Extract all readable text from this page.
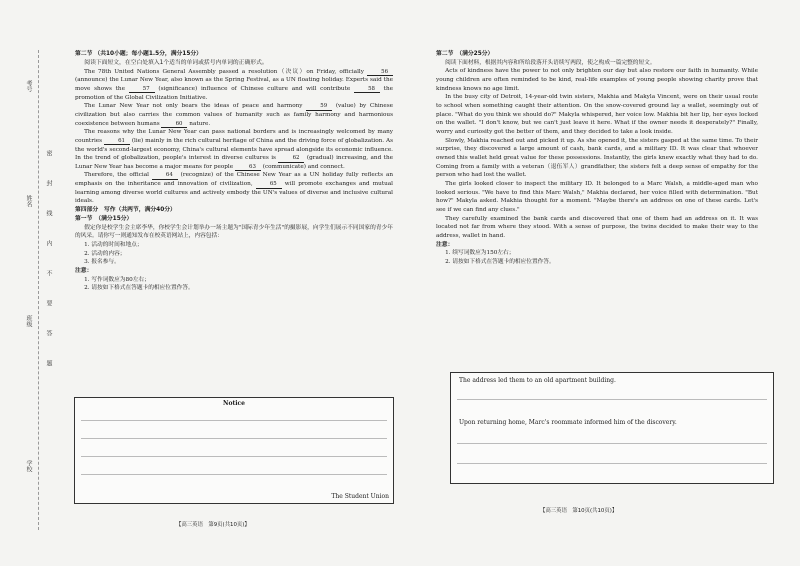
考号
姓名
班级
学校
密
封
线
内
不
要
答
题

第二节 （共10小题；每小题1.5分，满分15分）

阅读下面短文，在空白处填入1个适当的单词或括号内单词的正确形式。

The 78th United Nations General Assembly passed a resolution（决议）on Friday, officially	56 (announce) the Lunar New Year, also known as the Spring Festival, as a UN floating holiday. Experts said the move shows the	57 (significance) influence of Chinese culture and will contribute	58 the promotion of the Global Civilization Initiative.

The Lunar New Year not only bears the ideas of peace and harmony	59 (value) by Chinese civilization but also carries the common values of humanity such as family harmony and harmonious coexistence between humans	60 nature.

The reasons why the Lunar New Year can pass national borders and is increasingly welcomed by many countries	61 (lie) mainly in the rich cultural heritage of China and the driving force of globalization. As the world's second-largest economy, China's cultural elements have spread alongside its economic influence. In the trend of globalization, people's interest in diverse cultures is	62 (gradual) increasing, and the Lunar New Year has become a major means for people	63 (communicate) and connect.

Therefore, the official	64 (recognize) of the Chinese New Year as a UN holiday fully reflects an emphasis on the inheritance and innovation of civilization,	65 will promote exchanges and mutual learning among diverse world cultures and actively embody the UN's values of diverse and inclusive cultural ideals.

第四部分　写作（共两节，满分40分）

第一节　（满分15分）

假定你是校学生会主席李华，你校学生会计划举办一场主题为"国际青少年生活"的摄影展，向学生们展示不同国家的青少年的风采。请你写一则通知发布在校英语网站上，内容包括：

1. 活动的时间和地点；

2. 活动的内容；

3. 报名参与。

注意：

1. 写作词数应为80左右；

2. 请按如下格式在答题卡的相应位置作答。

Notice
The Student Union
【高三英语　第9页(共10页)】

第二节　（满分25分）

阅读下面材料，根据其内容和所给段落开头语续写两段，使之构成一篇完整的短文。

Acts of kindness have the power to not only brighten our day but also restore our faith in humanity. While young children are often reminded to be kind, real-life examples of young people showing charity prove that kindness knows no age limit.

In the busy city of Detroit, 14-year-old twin sisters, Makhia and Makyla Vincent, were on their usual route to school when something caught their attention. On the snow-covered ground lay a wallet, seemingly out of place. "What do you think we should do?" Makyla whispered, her voice low. Makhia bit her lip, her eyes locked on the wallet. "I don't know, but we can't just leave it here. What if the owner needs it desperately?" Finally, worry and curiosity got the better of them, and they decided to take a look inside.

Slowly, Makhia reached out and picked it up. As she opened it, the sisters gasped at the same time. To their surprise, they discovered a large amount of cash, bank cards, and a military ID. It was clear that whoever owned this wallet held great value for these possessions. Instantly, the girls knew exactly what they had to do. Coming from a family with a veteran（退伍军人）grandfather, the sisters felt a deep sense of empathy for the person who had lost the wallet.

The girls looked closer to inspect the military ID. It belonged to a Marc Walsh, a middle-aged man who looked serious. "We have to find this Marc Walsh," Makhia declared, her voice filled with determination. "But how?" Makyla asked. Makhia thought for a moment. "Maybe there's an address on one of these cards. Let's see if we can find any clues."

They carefully examined the bank cards and discovered that one of them had an address on it. It was located not far from where they stood. With a sense of purpose, the twins decided to make their way to the address, wallet in hand.

注意：

1. 续写词数应为150左右；

2. 请按如下格式在答题卡的相应位置作答。

The address led them to an old apartment building.
Upon returning home, Marc's roommate informed him of the discovery.
【高三英语　第10页(共10页)】
